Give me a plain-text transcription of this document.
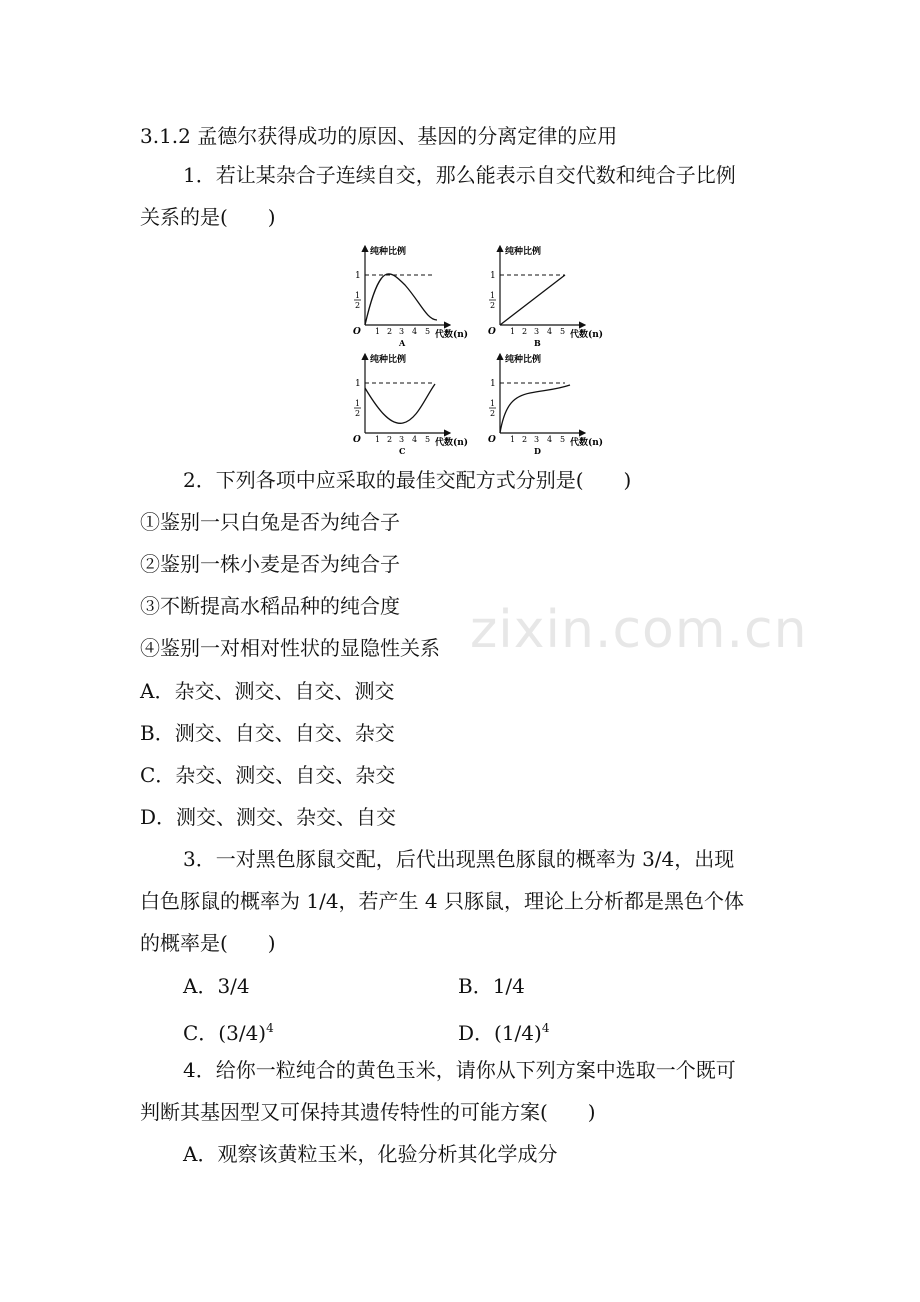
3.1.2 孟德尔获得成功的原因、基因的分离定律的应用
1．若让某杂合子连续自交，那么能表示自交代数和纯合子比例
关系的是(　　)
纯种比例
1
1
2
O 1 2 3 4 5 代数(n)
A
纯种比例
1
1
2
O 1 2 3 4 5 代数(n)
B
纯种比例
1
1
2
O 1 2 3 4 5 代数(n)
C
纯种比例
1
1
2
O 1 2 3 4 5 代数(n)
D
2．下列各项中应采取的最佳交配方式分别是(　　)
①鉴别一只白兔是否为纯合子
②鉴别一株小麦是否为纯合子
③不断提高水稻品种的纯合度
④鉴别一对相对性状的显隐性关系
A．杂交、测交、自交、测交
B．测交、自交、自交、杂交
C．杂交、测交、自交、杂交
D．测交、测交、杂交、自交
3．一对黑色豚鼠交配，后代出现黑色豚鼠的概率为 3/4，出现
白色豚鼠的概率为 1/4，若产生 4 只豚鼠，理论上分析都是黑色个体
的概率是(　　)
A．3/4	B．1/4
C．$(3/4)^4$	D．$(1/4)^4$
4．给你一粒纯合的黄色玉米，请你从下列方案中选取一个既可
判断其基因型又可保持其遗传特性的可能方案(　　)
A．观察该黄粒玉米，化验分析其化学成分
zixin.com.cn
